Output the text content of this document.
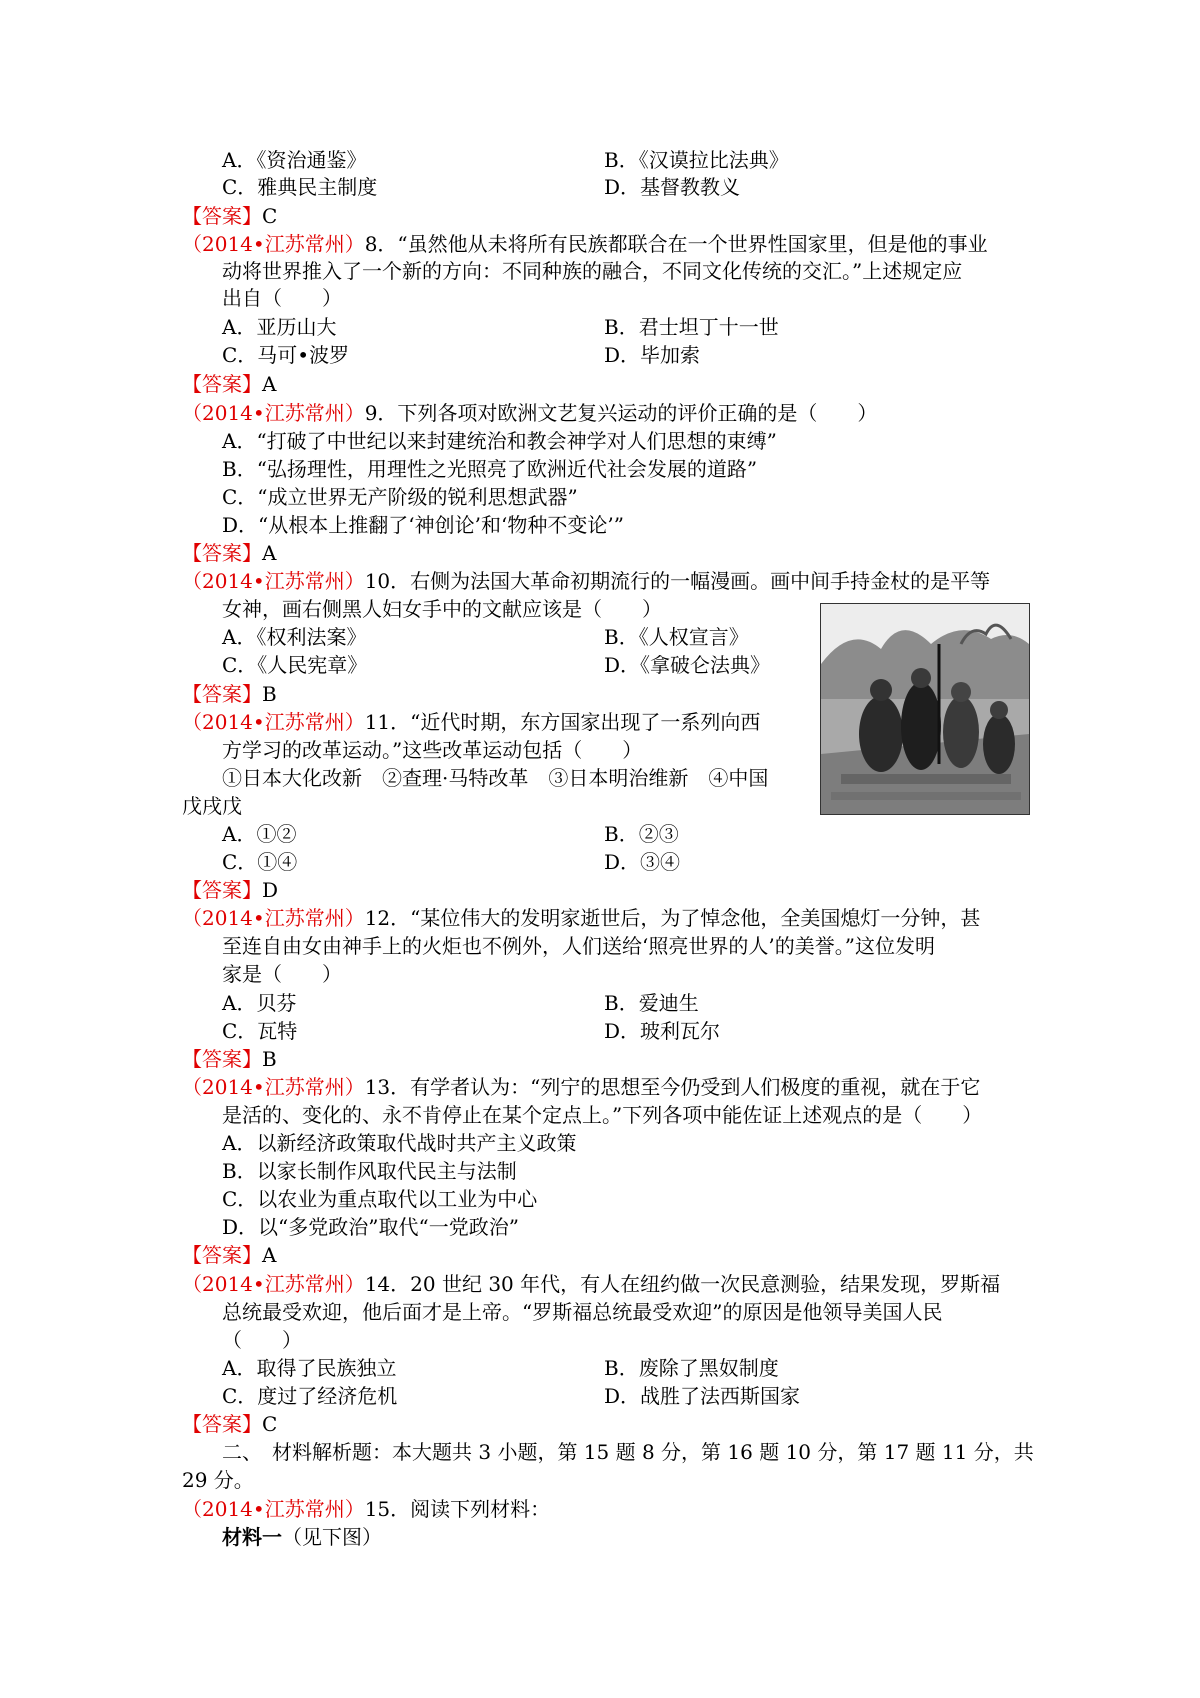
A．《资治通鉴》	B．《汉谟拉比法典》
C．雅典民主制度	D．基督教教义
【答案】C
（2014•江苏常州）8．“虽然他从未将所有民族都联合在一个世界性国家里，但是他的事业
动将世界推入了一个新的方向：不同种族的融合，不同文化传统的交汇。”上述规定应
出自（　　）
A．亚历山大	B．君士坦丁十一世
C．马可•波罗	D．毕加索
【答案】A
（2014•江苏常州）9．下列各项对欧洲文艺复兴运动的评价正确的是（　　）
A．“打破了中世纪以来封建统治和教会神学对人们思想的束缚”
B．“弘扬理性，用理性之光照亮了欧洲近代社会发展的道路”
C．“成立世界无产阶级的锐利思想武器”
D．“从根本上推翻了‘神创论’和‘物种不变论’”
【答案】A
（2014•江苏常州）10．右侧为法国大革命初期流行的一幅漫画。画中间手持金杖的是平等
女神，画右侧黑人妇女手中的文献应该是（　　）
A．《权利法案》	B．《人权宣言》
C．《人民宪章》	D．《拿破仑法典》
【答案】B
（2014•江苏常州）11．“近代时期，东方国家出现了一系列向西
方学习的改革运动。”这些改革运动包括（　　）
①日本大化改新　②查理·马特改革　③日本明治维新　④中国
戊戌戊
A．①②	B．②③
C．①④	D．③④
【答案】D
（2014•江苏常州）12．“某位伟大的发明家逝世后，为了悼念他，全美国熄灯一分钟，甚
至连自由女由神手上的火炬也不例外，人们送给‘照亮世界的人’的美誉。”这位发明
家是（　　）
A．贝芬	B．爱迪生
C．瓦特	D．玻利瓦尔
【答案】B
（2014•江苏常州）13．有学者认为：“列宁的思想至今仍受到人们极度的重视，就在于它
是活的、变化的、永不肯停止在某个定点上。”下列各项中能佐证上述观点的是（　　）
A．以新经济政策取代战时共产主义政策
B．以家长制作风取代民主与法制
C．以农业为重点取代以工业为中心
D．以“多党政治”取代“一党政治”
【答案】A
（2014•江苏常州）14．20 世纪 30 年代，有人在纽约做一次民意测验，结果发现，罗斯福
总统最受欢迎，他后面才是上帝。“罗斯福总统最受欢迎”的原因是他领导美国人民
（　　）
A．取得了民族独立	B．废除了黑奴制度
C．度过了经济危机	D．战胜了法西斯国家
【答案】C
二、　材料解析题：本大题共 3 小题，第 15 题 8 分，第 16 题 10 分，第 17 题 11 分，共
29 分。
（2014•江苏常州）15．阅读下列材料：
材料一（见下图）
